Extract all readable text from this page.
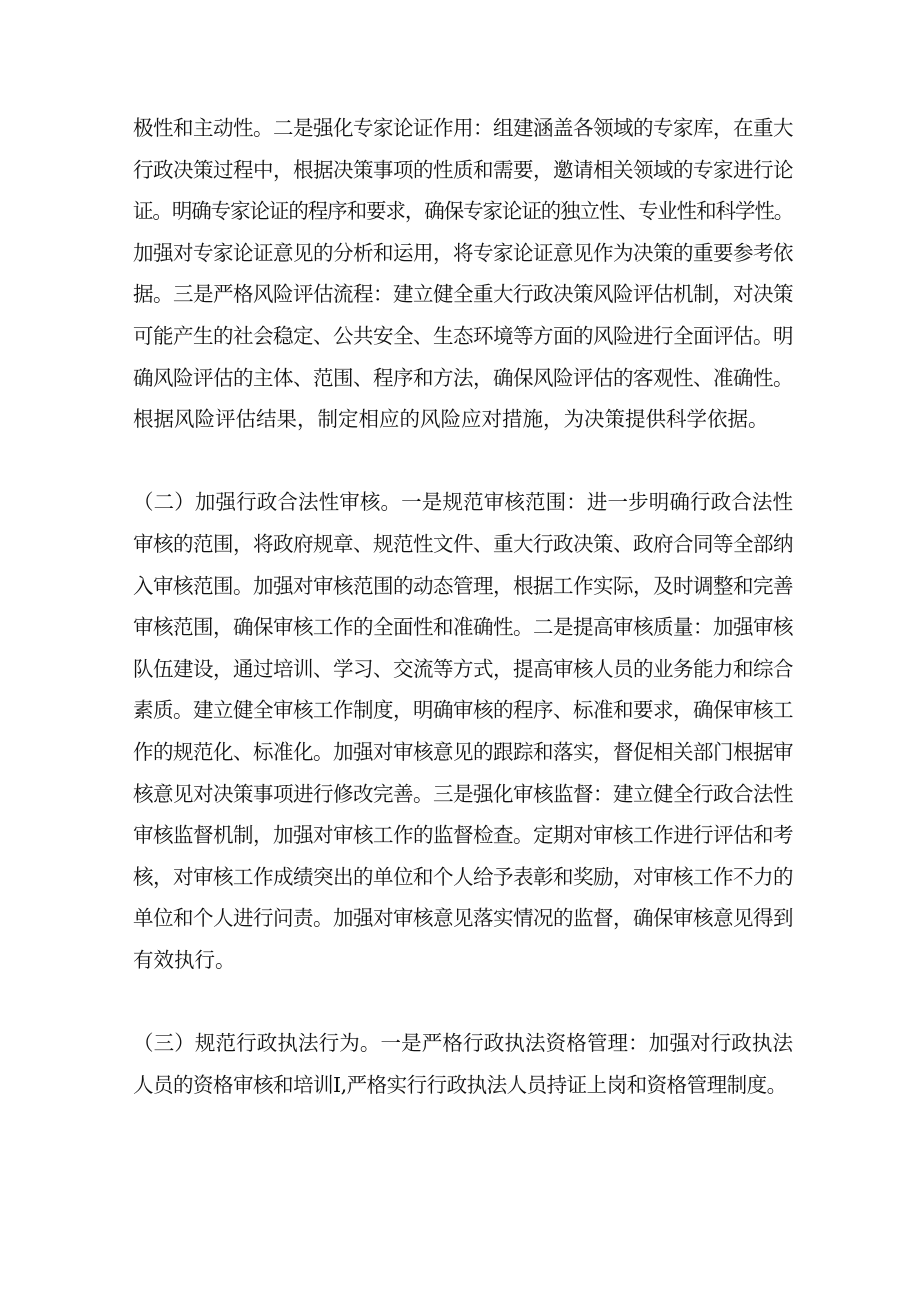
极性和主动性。二是强化专家论证作用：组建涵盖各领域的专家库，在重大
行政决策过程中，根据决策事项的性质和需要，邀请相关领域的专家进行论
证。明确专家论证的程序和要求，确保专家论证的独立性、专业性和科学性。
加强对专家论证意见的分析和运用，将专家论证意见作为决策的重要参考依
据。三是严格风险评估流程：建立健全重大行政决策风险评估机制，对决策
可能产生的社会稳定、公共安全、生态环境等方面的风险进行全面评估。明
确风险评估的主体、范围、程序和方法，确保风险评估的客观性、准确性。
根据风险评估结果，制定相应的风险应对措施，为决策提供科学依据。
（二）加强行政合法性审核。一是规范审核范围：进一步明确行政合法性
审核的范围，将政府规章、规范性文件、重大行政决策、政府合同等全部纳
入审核范围。加强对审核范围的动态管理，根据工作实际，及时调整和完善
审核范围，确保审核工作的全面性和准确性。二是提高审核质量：加强审核
队伍建设，通过培训、学习、交流等方式，提高审核人员的业务能力和综合
素质。建立健全审核工作制度，明确审核的程序、标准和要求，确保审核工
作的规范化、标准化。加强对审核意见的跟踪和落实，督促相关部门根据审
核意见对决策事项进行修改完善。三是强化审核监督：建立健全行政合法性
审核监督机制，加强对审核工作的监督检查。定期对审核工作进行评估和考
核，对审核工作成绩突出的单位和个人给予表彰和奖励，对审核工作不力的
单位和个人进行问责。加强对审核意见落实情况的监督，确保审核意见得到
有效执行。
（三）规范行政执法行为。一是严格行政执法资格管理：加强对行政执法
人员的资格审核和培训I,严格实行行政执法人员持证上岗和资格管理制度。
